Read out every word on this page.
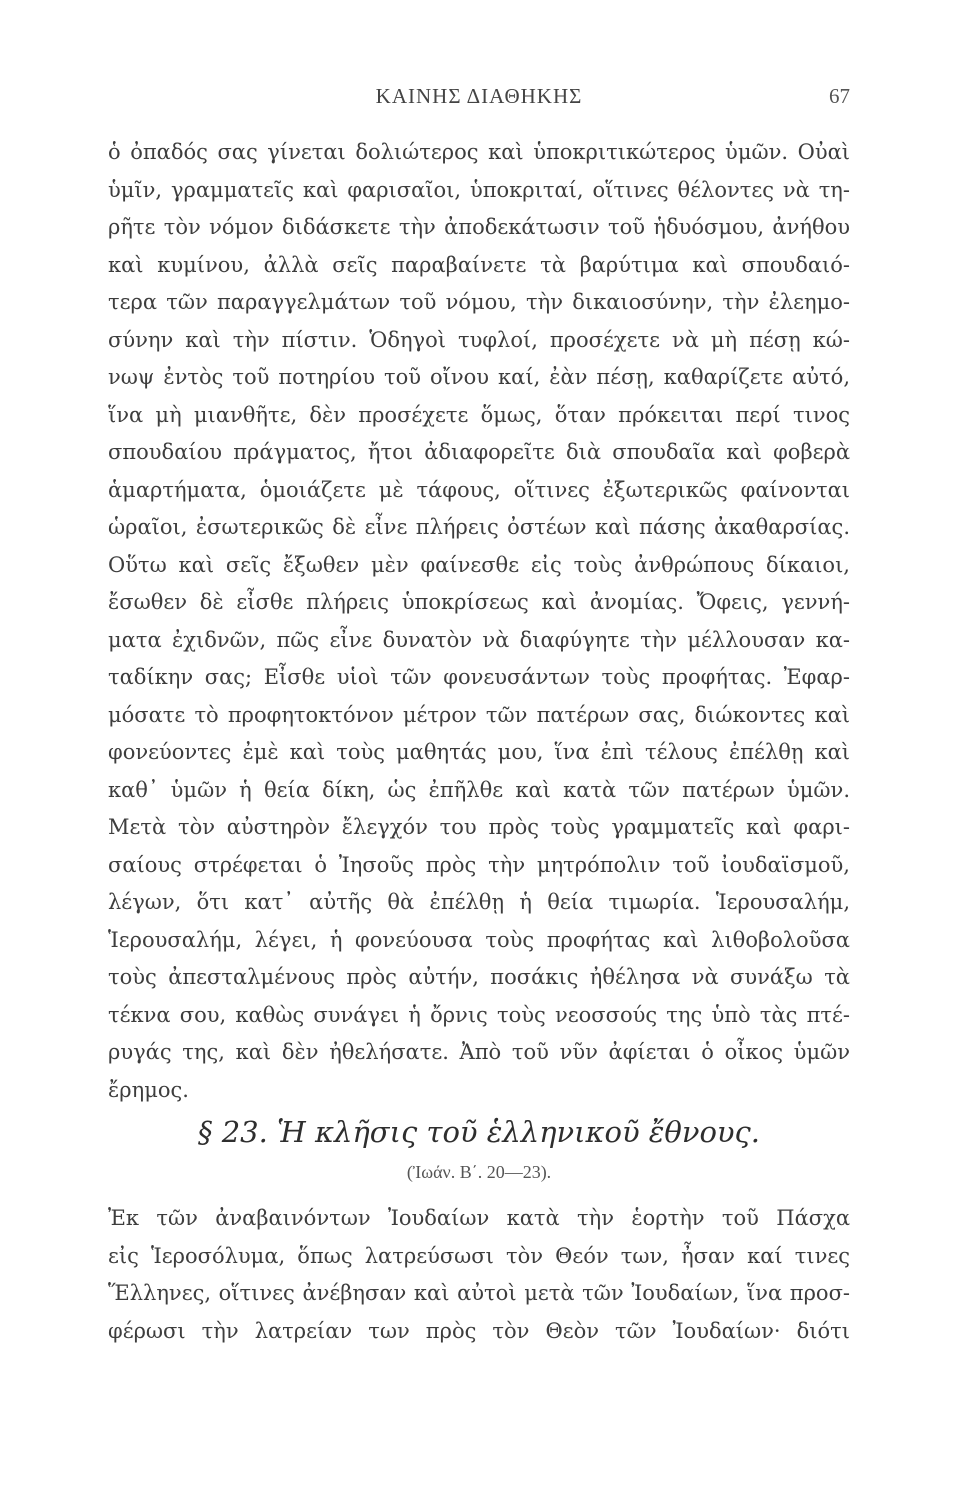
ΚΑΙΝΗΣ ΔΙΑΘΗΚΗΣ	67
ὁ ὀπαδός σας γίνεται δολιώτερος καὶ ὑποκριτικώτερος ὑμῶν. Οὐαὶ
ὑμῖν, γραμματεῖς καὶ φαρισαῖοι, ὑποκριταί, οἵτινες θέλοντες νὰ τη-
ρῆτε τὸν νόμον διδάσκετε τὴν ἀποδεκάτωσιν τοῦ ἡδυόσμου, ἀνήθου
καὶ κυμίνου, ἀλλὰ σεῖς παραβαίνετε τὰ βαρύτιμα καὶ σπουδαιό-
τερα τῶν παραγγελμάτων τοῦ νόμου, τὴν δικαιοσύνην, τὴν ἐλεημο-
σύνην καὶ τὴν πίστιν. Ὁδηγοὶ τυφλοί, προσέχετε νὰ μὴ πέσῃ κώ-
νωψ ἐντὸς τοῦ ποτηρίου τοῦ οἴνου καί, ἐὰν πέσῃ, καθαρίζετε αὐτό,
ἵνα μὴ μιανθῆτε, δὲν προσέχετε ὅμως, ὅταν πρόκειται περί τινος
σπουδαίου πράγματος, ἤτοι ἀδιαφορεῖτε διὰ σπουδαῖα καὶ φοβερὰ
ἁμαρτήματα, ὁμοιάζετε μὲ τάφους, οἵτινες ἐξωτερικῶς φαίνονται
ὡραῖοι, ἐσωτερικῶς δὲ εἶνε πλήρεις ὀστέων καὶ πάσης ἀκαθαρσίας.
Οὕτω καὶ σεῖς ἔξωθεν μὲν φαίνεσθε εἰς τοὺς ἀνθρώπους δίκαιοι,
ἔσωθεν δὲ εἶσθε πλήρεις ὑποκρίσεως καὶ ἀνομίας. Ὄφεις, γεννή-
ματα ἐχιδνῶν, πῶς εἶνε δυνατὸν νὰ διαφύγητε τὴν μέλλουσαν κα-
ταδίκην σας; Εἶσθε υἱοὶ τῶν φονευσάντων τοὺς προφήτας. Ἐφαρ-
μόσατε τὸ προφητοκτόνον μέτρον τῶν πατέρων σας, διώκοντες καὶ
φονεύοντες ἐμὲ καὶ τοὺς μαθητάς μου, ἵνα ἐπὶ τέλους ἐπέλθῃ καὶ
καθ᾽ ὑμῶν ἡ θεία δίκη, ὡς ἐπῆλθε καὶ κατὰ τῶν πατέρων ὑμῶν.
Μετὰ τὸν αὐστηρὸν ἔλεγχόν του πρὸς τοὺς γραμματεῖς καὶ φαρι-
σαίους στρέφεται ὁ Ἰησοῦς πρὸς τὴν μητρόπολιν τοῦ ἰουδαϊσμοῦ,
λέγων, ὅτι κατ᾽ αὐτῆς θὰ ἐπέλθῃ ἡ θεία τιμωρία. Ἱερουσαλήμ,
Ἱερουσαλήμ, λέγει, ἡ φονεύουσα τοὺς προφήτας καὶ λιθοβολοῦσα
τοὺς ἀπεσταλμένους πρὸς αὐτήν, ποσάκις ἠθέλησα νὰ συνάξω τὰ
τέκνα σου, καθὼς συνάγει ἡ ὄρνις τοὺς νεοσσούς της ὑπὸ τὰς πτέ-
ρυγάς της, καὶ δὲν ἠθελήσατε. Ἀπὸ τοῦ νῦν ἀφίεται ὁ οἶκος ὑμῶν
ἔρημος.
§ 23. Ἡ κλῆσις τοῦ ἑλληνικοῦ ἔθνους.
(Ἰωάν. Β΄. 20—23).
Ἐκ τῶν ἀναβαινόντων Ἰουδαίων κατὰ τὴν ἑορτὴν τοῦ Πάσχα
εἰς Ἱεροσόλυμα, ὅπως λατρεύσωσι τὸν Θεόν των, ἦσαν καί τινες
Ἕλληνες, οἵτινες ἀνέβησαν καὶ αὐτοὶ μετὰ τῶν Ἰουδαίων, ἵνα προσ-
φέρωσι τὴν λατρείαν των πρὸς τὸν Θεὸν τῶν Ἰουδαίων· διότι
